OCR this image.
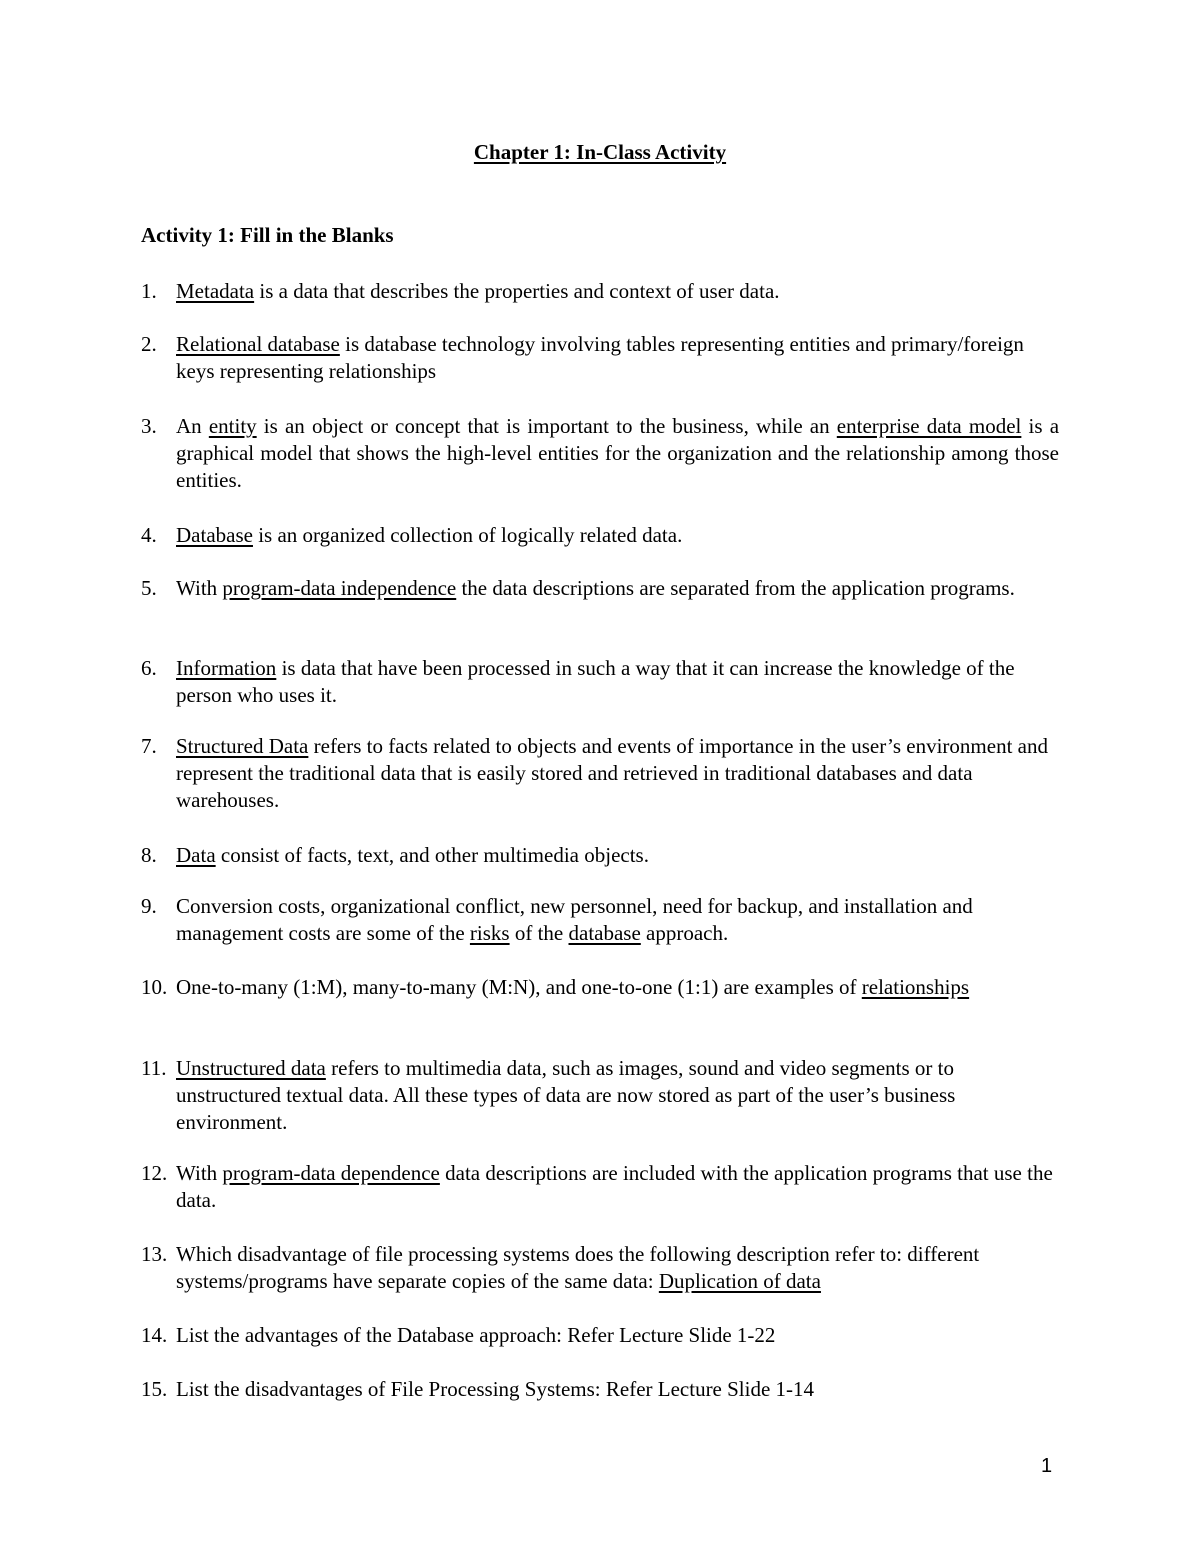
Chapter 1: In-Class Activity
Activity 1: Fill in the Blanks
1. Metadata is a data that describes the properties and context of user data.
2. Relational database is database technology involving tables representing entities and primary/foreign keys representing relationships
3. An entity is an object or concept that is important to the business, while an enterprise data model is a graphical model that shows the high-level entities for the organization and the relationship among those entities.
4. Database is an organized collection of logically related data.
5. With program-data independence the data descriptions are separated from the application programs.
6. Information is data that have been processed in such a way that it can increase the knowledge of the person who uses it.
7. Structured Data refers to facts related to objects and events of importance in the user’s environment and represent the traditional data that is easily stored and retrieved in traditional databases and data warehouses.
8. Data consist of facts, text, and other multimedia objects.
9. Conversion costs, organizational conflict, new personnel, need for backup, and installation and management costs are some of the risks of the database approach.
10. One-to-many (1:M), many-to-many (M:N), and one-to-one (1:1) are examples of relationships
11. Unstructured data refers to multimedia data, such as images, sound and video segments or to unstructured textual data. All these types of data are now stored as part of the user’s business environment.
12. With program-data dependence data descriptions are included with the application programs that use the data.
13. Which disadvantage of file processing systems does the following description refer to: different systems/programs have separate copies of the same data: Duplication of data
14. List the advantages of the Database approach: Refer Lecture Slide 1-22
15. List the disadvantages of File Processing Systems: Refer Lecture Slide 1-14
1
